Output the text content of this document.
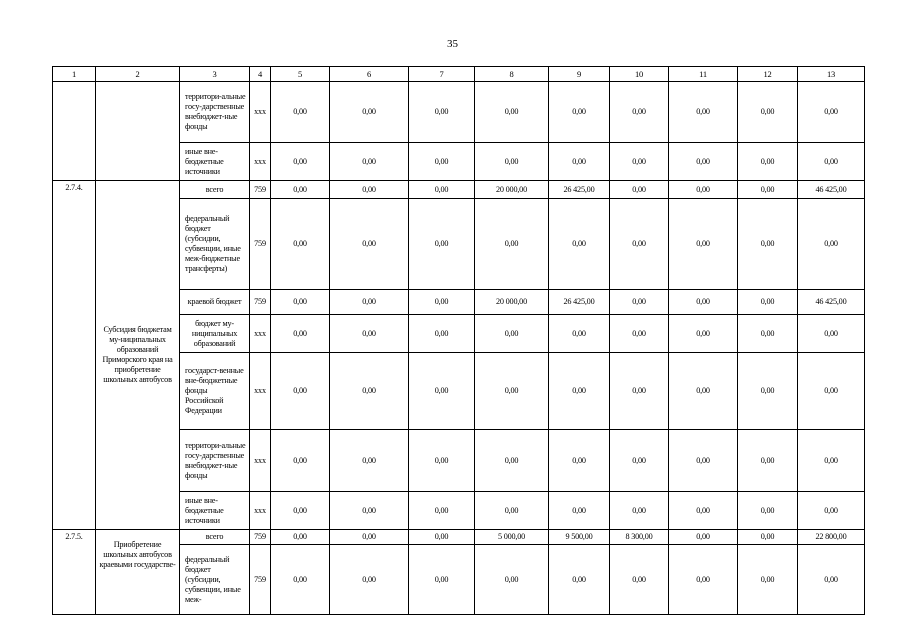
35
1	2	3	4	5	6	7	8	9	10	11	12	13
		территори-альные госу-дарственные внебюджет-ные фонды	xxx	0,00	0,00	0,00	0,00	0,00	0,00	0,00	0,00	0,00
		иные вне-бюджетные источники	xxx	0,00	0,00	0,00	0,00	0,00	0,00	0,00	0,00	0,00
2.7.4.	Субсидия бюджетам му-ниципальных образований Приморского края на приобретение школьных автобусов	всего	759	0,00	0,00	0,00	20 000,00	26 425,00	0,00	0,00	0,00	46 425,00
		федеральный бюджет (субсидии, субвенции, иные меж-бюджетные трансферты)	759	0,00	0,00	0,00	0,00	0,00	0,00	0,00	0,00	0,00
		краевой бюджет	759	0,00	0,00	0,00	20 000,00	26 425,00	0,00	0,00	0,00	46 425,00
		бюджет му-ниципальных образований	xxx	0,00	0,00	0,00	0,00	0,00	0,00	0,00	0,00	0,00
		государст-венные вне-бюджетные фонды Российской Федерации	xxx	0,00	0,00	0,00	0,00	0,00	0,00	0,00	0,00	0,00
		территори-альные госу-дарственные внебюджет-ные фонды	xxx	0,00	0,00	0,00	0,00	0,00	0,00	0,00	0,00	0,00
		иные вне-бюджетные источники	xxx	0,00	0,00	0,00	0,00	0,00	0,00	0,00	0,00	0,00
2.7.5.	Приобретение школьных автобусов краевыми государстве-	всего	759	0,00	0,00	0,00	5 000,00	9 500,00	8 300,00	0,00	0,00	22 800,00
		федеральный бюджет (субсидии, субвенции, иные меж-	759	0,00	0,00	0,00	0,00	0,00	0,00	0,00	0,00	0,00
